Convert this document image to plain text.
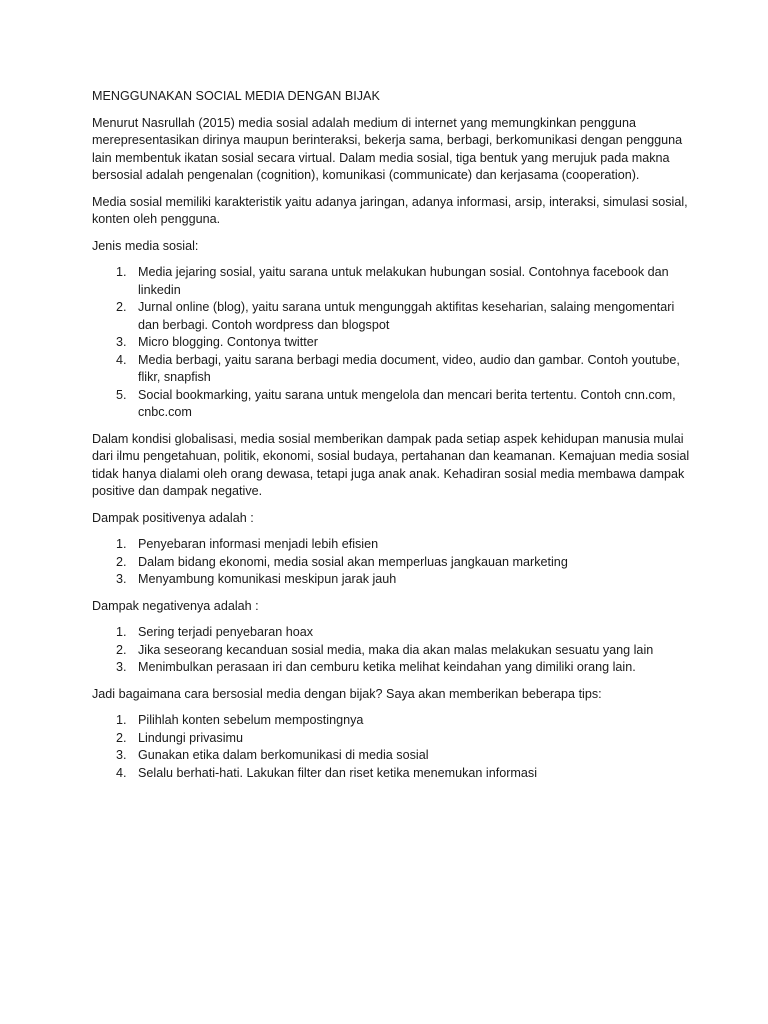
MENGGUNAKAN SOCIAL MEDIA DENGAN BIJAK

Menurut Nasrullah (2015) media sosial adalah medium di internet yang memungkinkan pengguna merepresentasikan dirinya maupun berinteraksi, bekerja sama, berbagi, berkomunikasi dengan pengguna lain membentuk ikatan sosial secara virtual. Dalam media sosial, tiga bentuk yang merujuk pada makna bersosial adalah pengenalan (cognition), komunikasi (communicate) dan kerjasama (cooperation).

Media sosial memiliki karakteristik yaitu adanya jaringan, adanya informasi, arsip, interaksi, simulasi sosial, konten oleh pengguna.

Jenis media sosial:

1. Media jejaring sosial, yaitu sarana untuk melakukan hubungan sosial. Contohnya facebook dan linkedin
2. Jurnal online (blog), yaitu sarana untuk mengunggah aktifitas keseharian, salaing mengomentari dan berbagi. Contoh wordpress dan blogspot
3. Micro blogging. Contonya twitter
4. Media berbagi, yaitu sarana berbagi media document, video, audio dan gambar. Contoh youtube, flikr, snapfish
5. Social bookmarking, yaitu sarana untuk mengelola dan mencari berita tertentu. Contoh cnn.com, cnbc.com

Dalam kondisi globalisasi, media sosial memberikan dampak pada setiap aspek kehidupan manusia mulai dari ilmu pengetahuan, politik, ekonomi, sosial budaya, pertahanan dan keamanan. Kemajuan media sosial tidak hanya dialami oleh orang dewasa, tetapi juga anak anak. Kehadiran sosial media membawa dampak positive dan dampak negative.

Dampak positivenya adalah :

1. Penyebaran informasi menjadi lebih efisien
2. Dalam bidang ekonomi, media sosial akan memperluas jangkauan marketing
3. Menyambung komunikasi meskipun jarak jauh

Dampak negativenya adalah :

1. Sering terjadi penyebaran hoax
2. Jika seseorang kecanduan sosial media, maka dia akan malas melakukan sesuatu yang lain
3. Menimbulkan perasaan iri dan cemburu ketika melihat keindahan yang dimiliki orang lain.

Jadi bagaimana cara bersosial media dengan bijak? Saya akan memberikan beberapa tips:

1. Pilihlah konten sebelum mempostingnya
2. Lindungi privasimu
3. Gunakan etika dalam berkomunikasi di media sosial
4. Selalu berhati-hati. Lakukan filter dan riset ketika menemukan informasi
